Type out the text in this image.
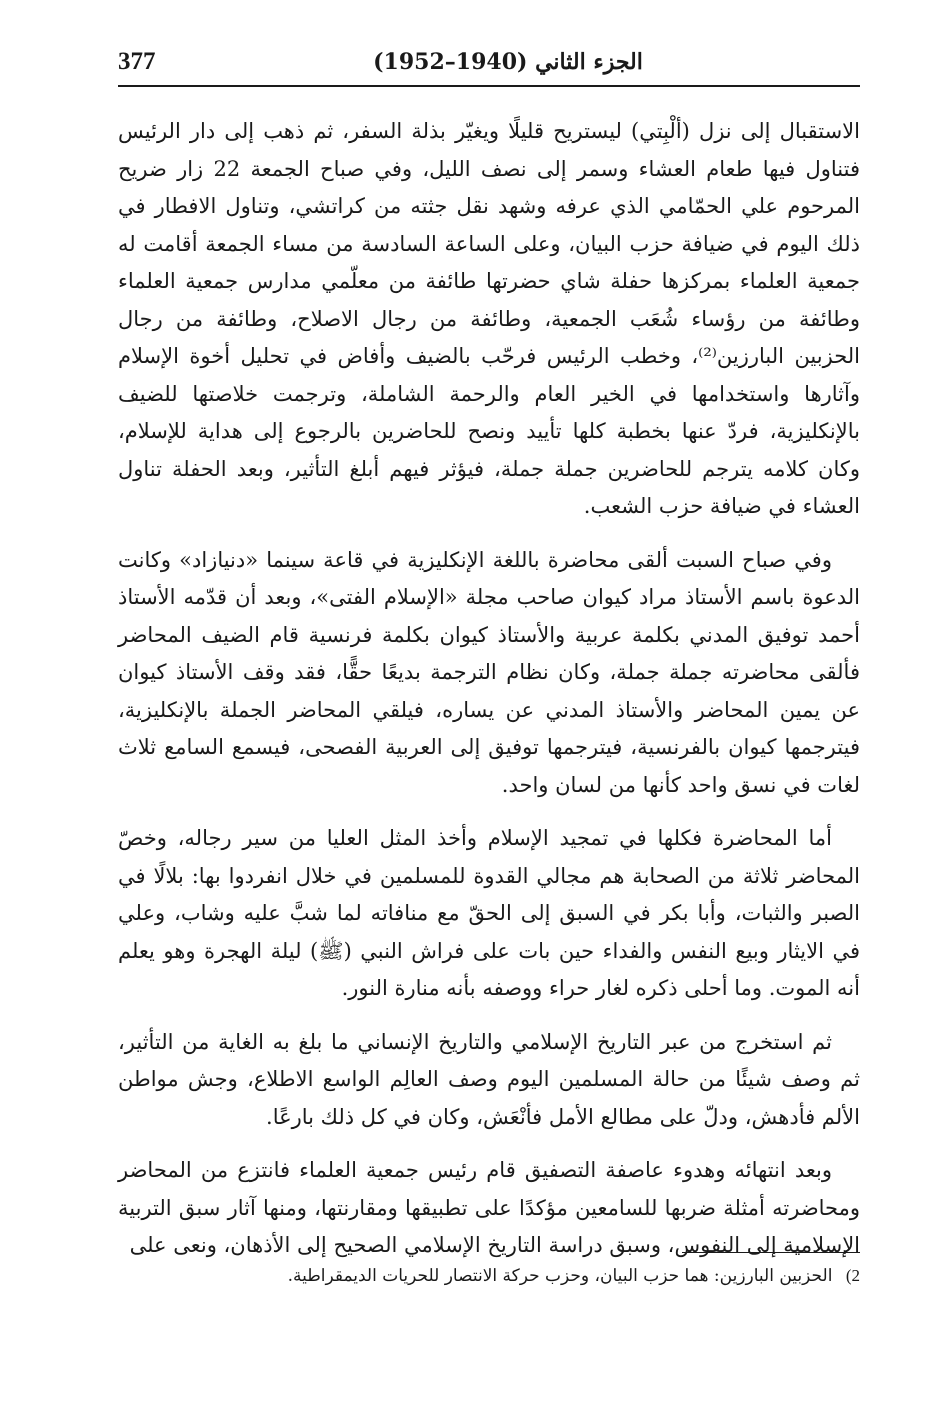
377	الجزء الثاني (1940–1952)

الاستقبال إلى نزل (ألْبِتي) ليستريح قليلًا ويغيّر بذلة السفر، ثم ذهب إلى دار الرئيس فتناول فيها طعام العشاء وسمر إلى نصف الليل، وفي صباح الجمعة 22 زار ضريح المرحوم علي الحمّامي الذي عرفه وشهد نقل جثته من كراتشي، وتناول الافطار في ذلك اليوم في ضيافة حزب البيان، وعلى الساعة السادسة من مساء الجمعة أقامت له جمعية العلماء بمركزها حفلة شاي حضرتها طائفة من معلّمي مدارس جمعية العلماء وطائفة من رؤساء شُعَب الجمعية، وطائفة من رجال الاصلاح، وطائفة من رجال الحزبين البارزين⁽²⁾، وخطب الرئيس فرحّب بالضيف وأفاض في تحليل أخوة الإسلام وآثارها واستخدامها في الخير العام والرحمة الشاملة، وترجمت خلاصتها للضيف بالإنكليزية، فردّ عنها بخطبة كلها تأييد ونصح للحاضرين بالرجوع إلى هداية للإسلام، وكان كلامه يترجم للحاضرين جملة جملة، فيؤثر فيهم أبلغ التأثير، وبعد الحفلة تناول العشاء في ضيافة حزب الشعب.

وفي صباح السبت ألقى محاضرة باللغة الإنكليزية في قاعة سينما «دنيازاد» وكانت الدعوة باسم الأستاذ مراد كيوان صاحب مجلة «الإسلام الفتى»، وبعد أن قدّمه الأستاذ أحمد توفيق المدني بكلمة عربية والأستاذ كيوان بكلمة فرنسية قام الضيف المحاضر فألقى محاضرته جملة جملة، وكان نظام الترجمة بديعًا حقًّا، فقد وقف الأستاذ كيوان عن يمين المحاضر والأستاذ المدني عن يساره، فيلقي المحاضر الجملة بالإنكليزية، فيترجمها كيوان بالفرنسية، فيترجمها توفيق إلى العربية الفصحى، فيسمع السامع ثلاث لغات في نسق واحد كأنها من لسان واحد.

أما المحاضرة فكلها في تمجيد الإسلام وأخذ المثل العليا من سير رجاله، وخصّ المحاضر ثلاثة من الصحابة هم مجالي القدوة للمسلمين في خلال انفردوا بها: بلالًا في الصبر والثبات، وأبا بكر في السبق إلى الحقّ مع منافاته لما شبَّ عليه وشاب، وعلي في الايثار وبيع النفس والفداء حين بات على فراش النبي (ﷺ) ليلة الهجرة وهو يعلم أنه الموت. وما أحلى ذكره لغار حراء ووصفه بأنه منارة النور.

ثم استخرج من عبر التاريخ الإسلامي والتاريخ الإنساني ما بلغ به الغاية من التأثير، ثم وصف شيئًا من حالة المسلمين اليوم وصف العالِم الواسع الاطلاع، وجش مواطن الألم فأدهش، ودلّ على مطالع الأمل فأنْعَش، وكان في كل ذلك بارعًا.

وبعد انتهائه وهدوء عاصفة التصفيق قام رئيس جمعية العلماء فانتزع من المحاضر ومحاضرته أمثلة ضربها للسامعين مؤكدًا على تطبيقها ومقارنتها، ومنها آثار سبق التربية الإسلامية إلى النفوس، وسبق دراسة التاريخ الإسلامي الصحيح إلى الأذهان، ونعى على

2) الحزبين البارزين: هما حزب البيان، وحزب حركة الانتصار للحريات الديمقراطية.
